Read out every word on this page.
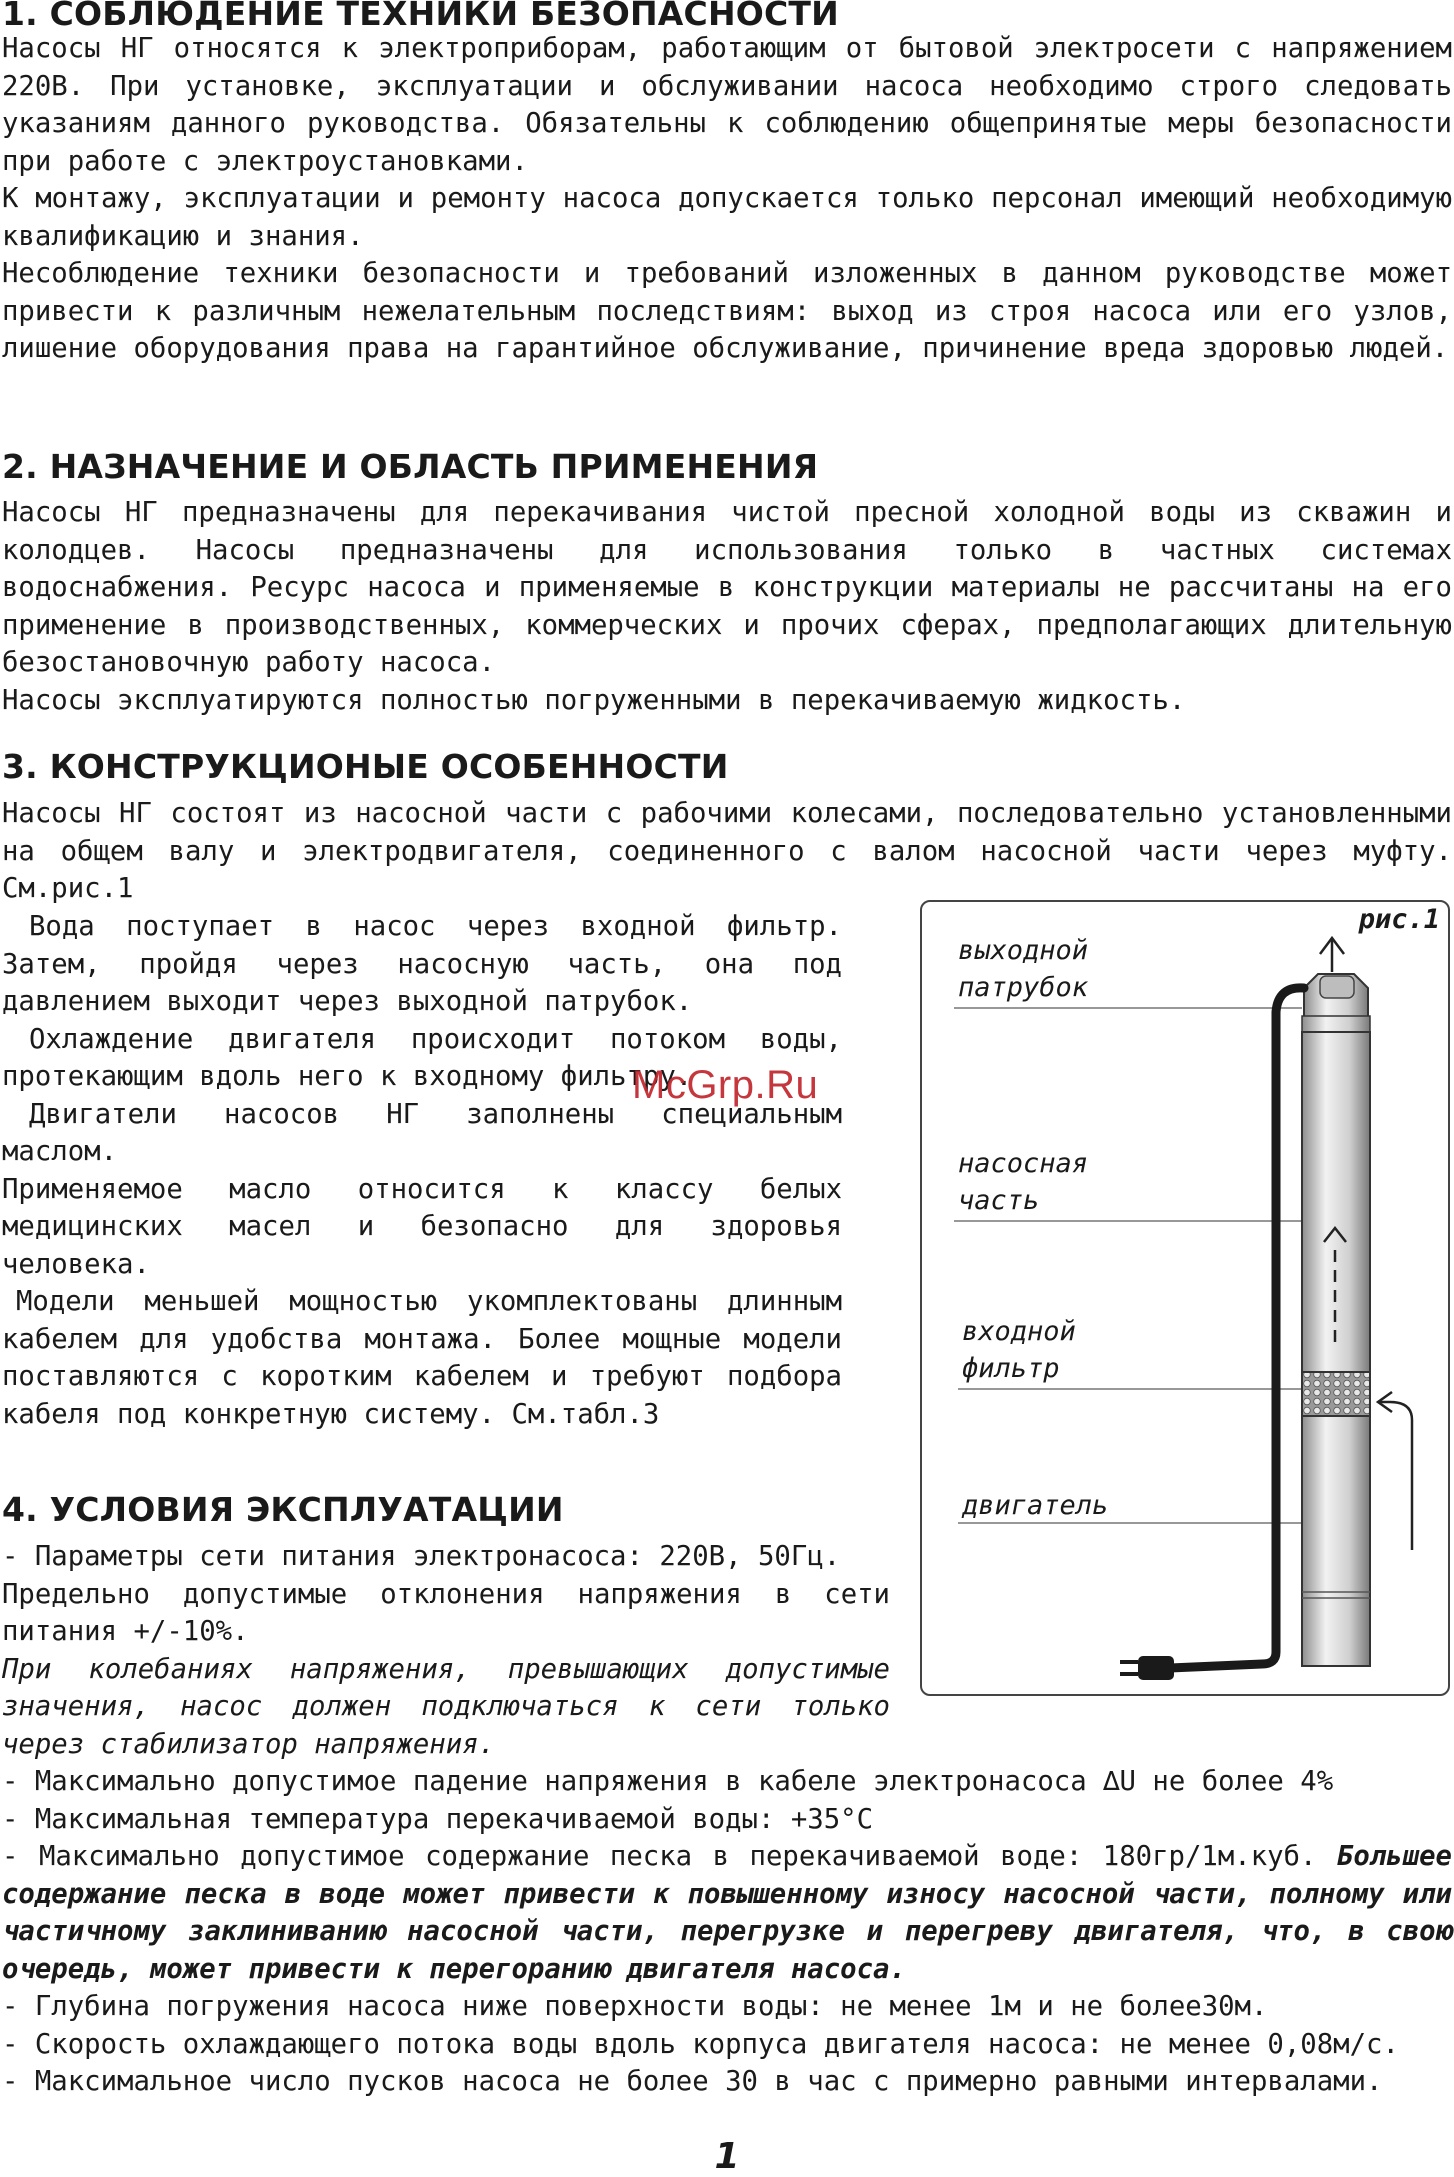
1. СОБЛЮДЕНИЕ ТЕХНИКИ БЕЗОПАСНОСТИ

Насосы НГ относятся к электроприборам, работающим от бытовой электросети с напряжением 220В. При установке, эксплуатации и обслуживании насоса необходимо строго следовать указаниям данного руководства. Обязательны к соблюдению общепринятые меры безопасности при работе с электроустановками.

К монтажу, эксплуатации и ремонту насоса допускается только персонал имеющий необходимую квалификацию и знания.

Несоблюдение техники безопасности и требований изложенных в данном руководстве может привести к различным нежелательным последствиям: выход из строя насоса или его узлов, лишение оборудования права на гарантийное обслуживание, причинение вреда здоровью людей.

2. НАЗНАЧЕНИЕ И ОБЛАСТЬ ПРИМЕНЕНИЯ

Насосы НГ предназначены для перекачивания чистой пресной холодной воды из скважин и колодцев. Насосы предназначены для использования только в частных системах водоснабжения. Ресурс насоса и применяемые в конструкции материалы не рассчитаны на его применение в производственных, коммерческих и прочих сферах, предполагающих длительную безостановочную работу насоса.

Насосы эксплуатируются полностью погруженными в перекачиваемую жидкость.

3. КОНСТРУКЦИОНЫЕ ОСОБЕННОСТИ

Насосы НГ состоят из насосной части с рабочими колесами, последовательно установленными на общем валу и электродвигателя, соединенного с валом насосной части через муфту. См.рис.1

Вода поступает в насос через входной фильтр. Затем, пройдя через насосную часть, она под давлением выходит через выходной патрубок.

Охлаждение двигателя происходит потоком воды, протекающим вдоль него к входному фильтру.

Двигатели насосов НГ заполнены специальным маслом.

Применяемое масло относится к классу белых медицинских масел и безопасно для здоровья человека.

Модели меньшей мощностью укомплектованы длинным кабелем для удобства монтажа. Более мощные модели поставляются с коротким кабелем и требуют подбора кабеля под конкретную систему. См.табл.3

McGrp.Ru
рис.1
выходной
патрубок
насосная
часть
входной
фильтр
двигатель
4. УСЛОВИЯ ЭКСПЛУАТАЦИИ

- Параметры сети питания электронасоса: 220В, 50Гц.

Предельно допустимые отклонения напряжения в сети питания +/-10%.

При колебаниях напряжения, превышающих допустимые значения, насос должен подключаться к сети только через стабилизатор напряжения.

- Максимально допустимое падение напряжения в кабеле электронасоса ∆U не более 4%

- Максимальная температура перекачиваемой воды: +35°С

- Максимально допустимое содержание песка в перекачиваемой воде: 180гр/1м.куб. Большее содержание песка в воде может привести к повышенному износу насосной части, полному или частичному заклиниванию насосной части, перегрузке и перегреву двигателя, что, в свою очередь, может привести к перегоранию двигателя насоса.

- Глубина погружения насоса ниже поверхности воды: не менее 1м и не более30м.

- Скорость охлаждающего потока воды вдоль корпуса двигателя насоса: не менее 0,08м/с.

- Максимальное число пусков насоса не более 30 в час с примерно равными интервалами.

1
